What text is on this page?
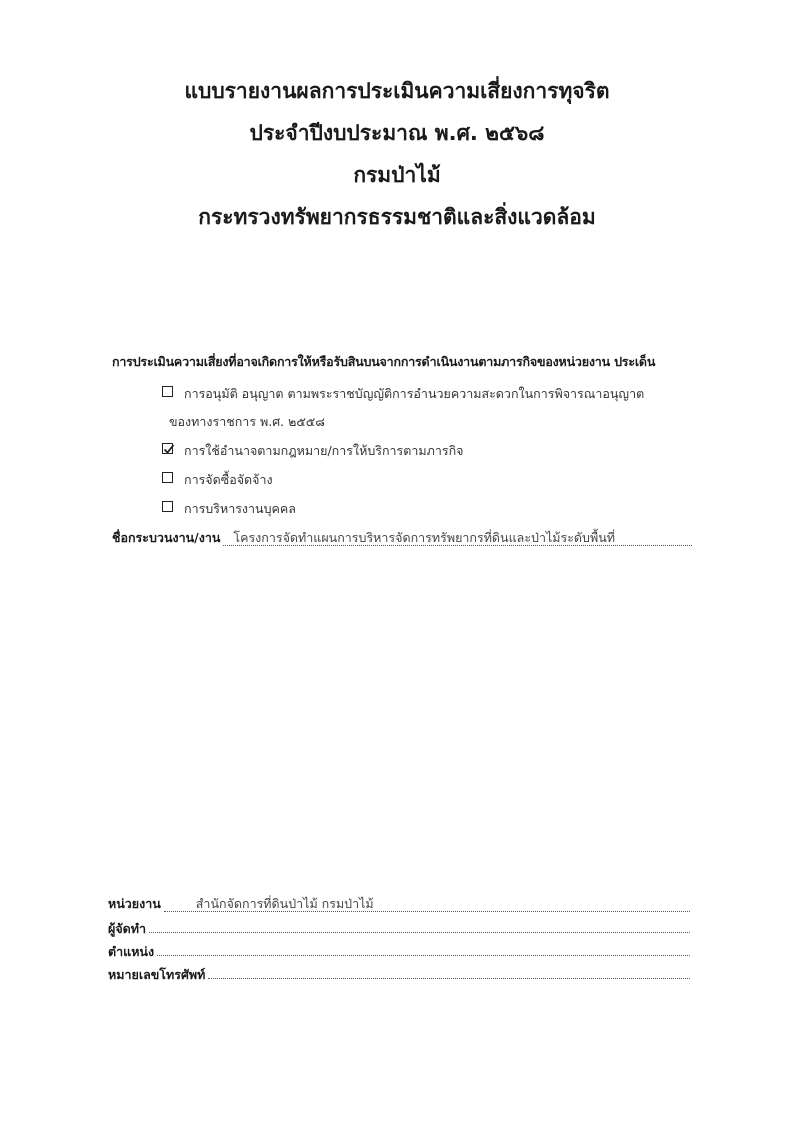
แบบรายงานผลการประเมินความเสี่ยงการทุจริต
ประจำปีงบประมาณ พ.ศ. ๒๕๖๘
กรมป่าไม้
กระทรวงทรัพยากรธรรมชาติและสิ่งแวดล้อม
การประเมินความเสี่ยงที่อาจเกิดการให้หรือรับสินบนจากการดำเนินงานตามภารกิจของหน่วยงาน ประเด็น
การอนุมัติ อนุญาต ตามพระราชบัญญัติการอำนวยความสะดวกในการพิจารณาอนุญาต
ของทางราชการ พ.ศ. ๒๕๕๘
การใช้อำนาจตามกฎหมาย/การให้บริการตามภารกิจ
การจัดซื้อจัดจ้าง
การบริหารงานบุคคล
ชื่อกระบวนงาน/งาน	โครงการจัดทำแผนการบริหารจัดการทรัพยากรที่ดินและป่าไม้ระดับพื้นที่
หน่วยงาน	สำนักจัดการที่ดินป่าไม้ กรมป่าไม้
ผู้จัดทำ
ตำแหน่ง
หมายเลขโทรศัพท์
